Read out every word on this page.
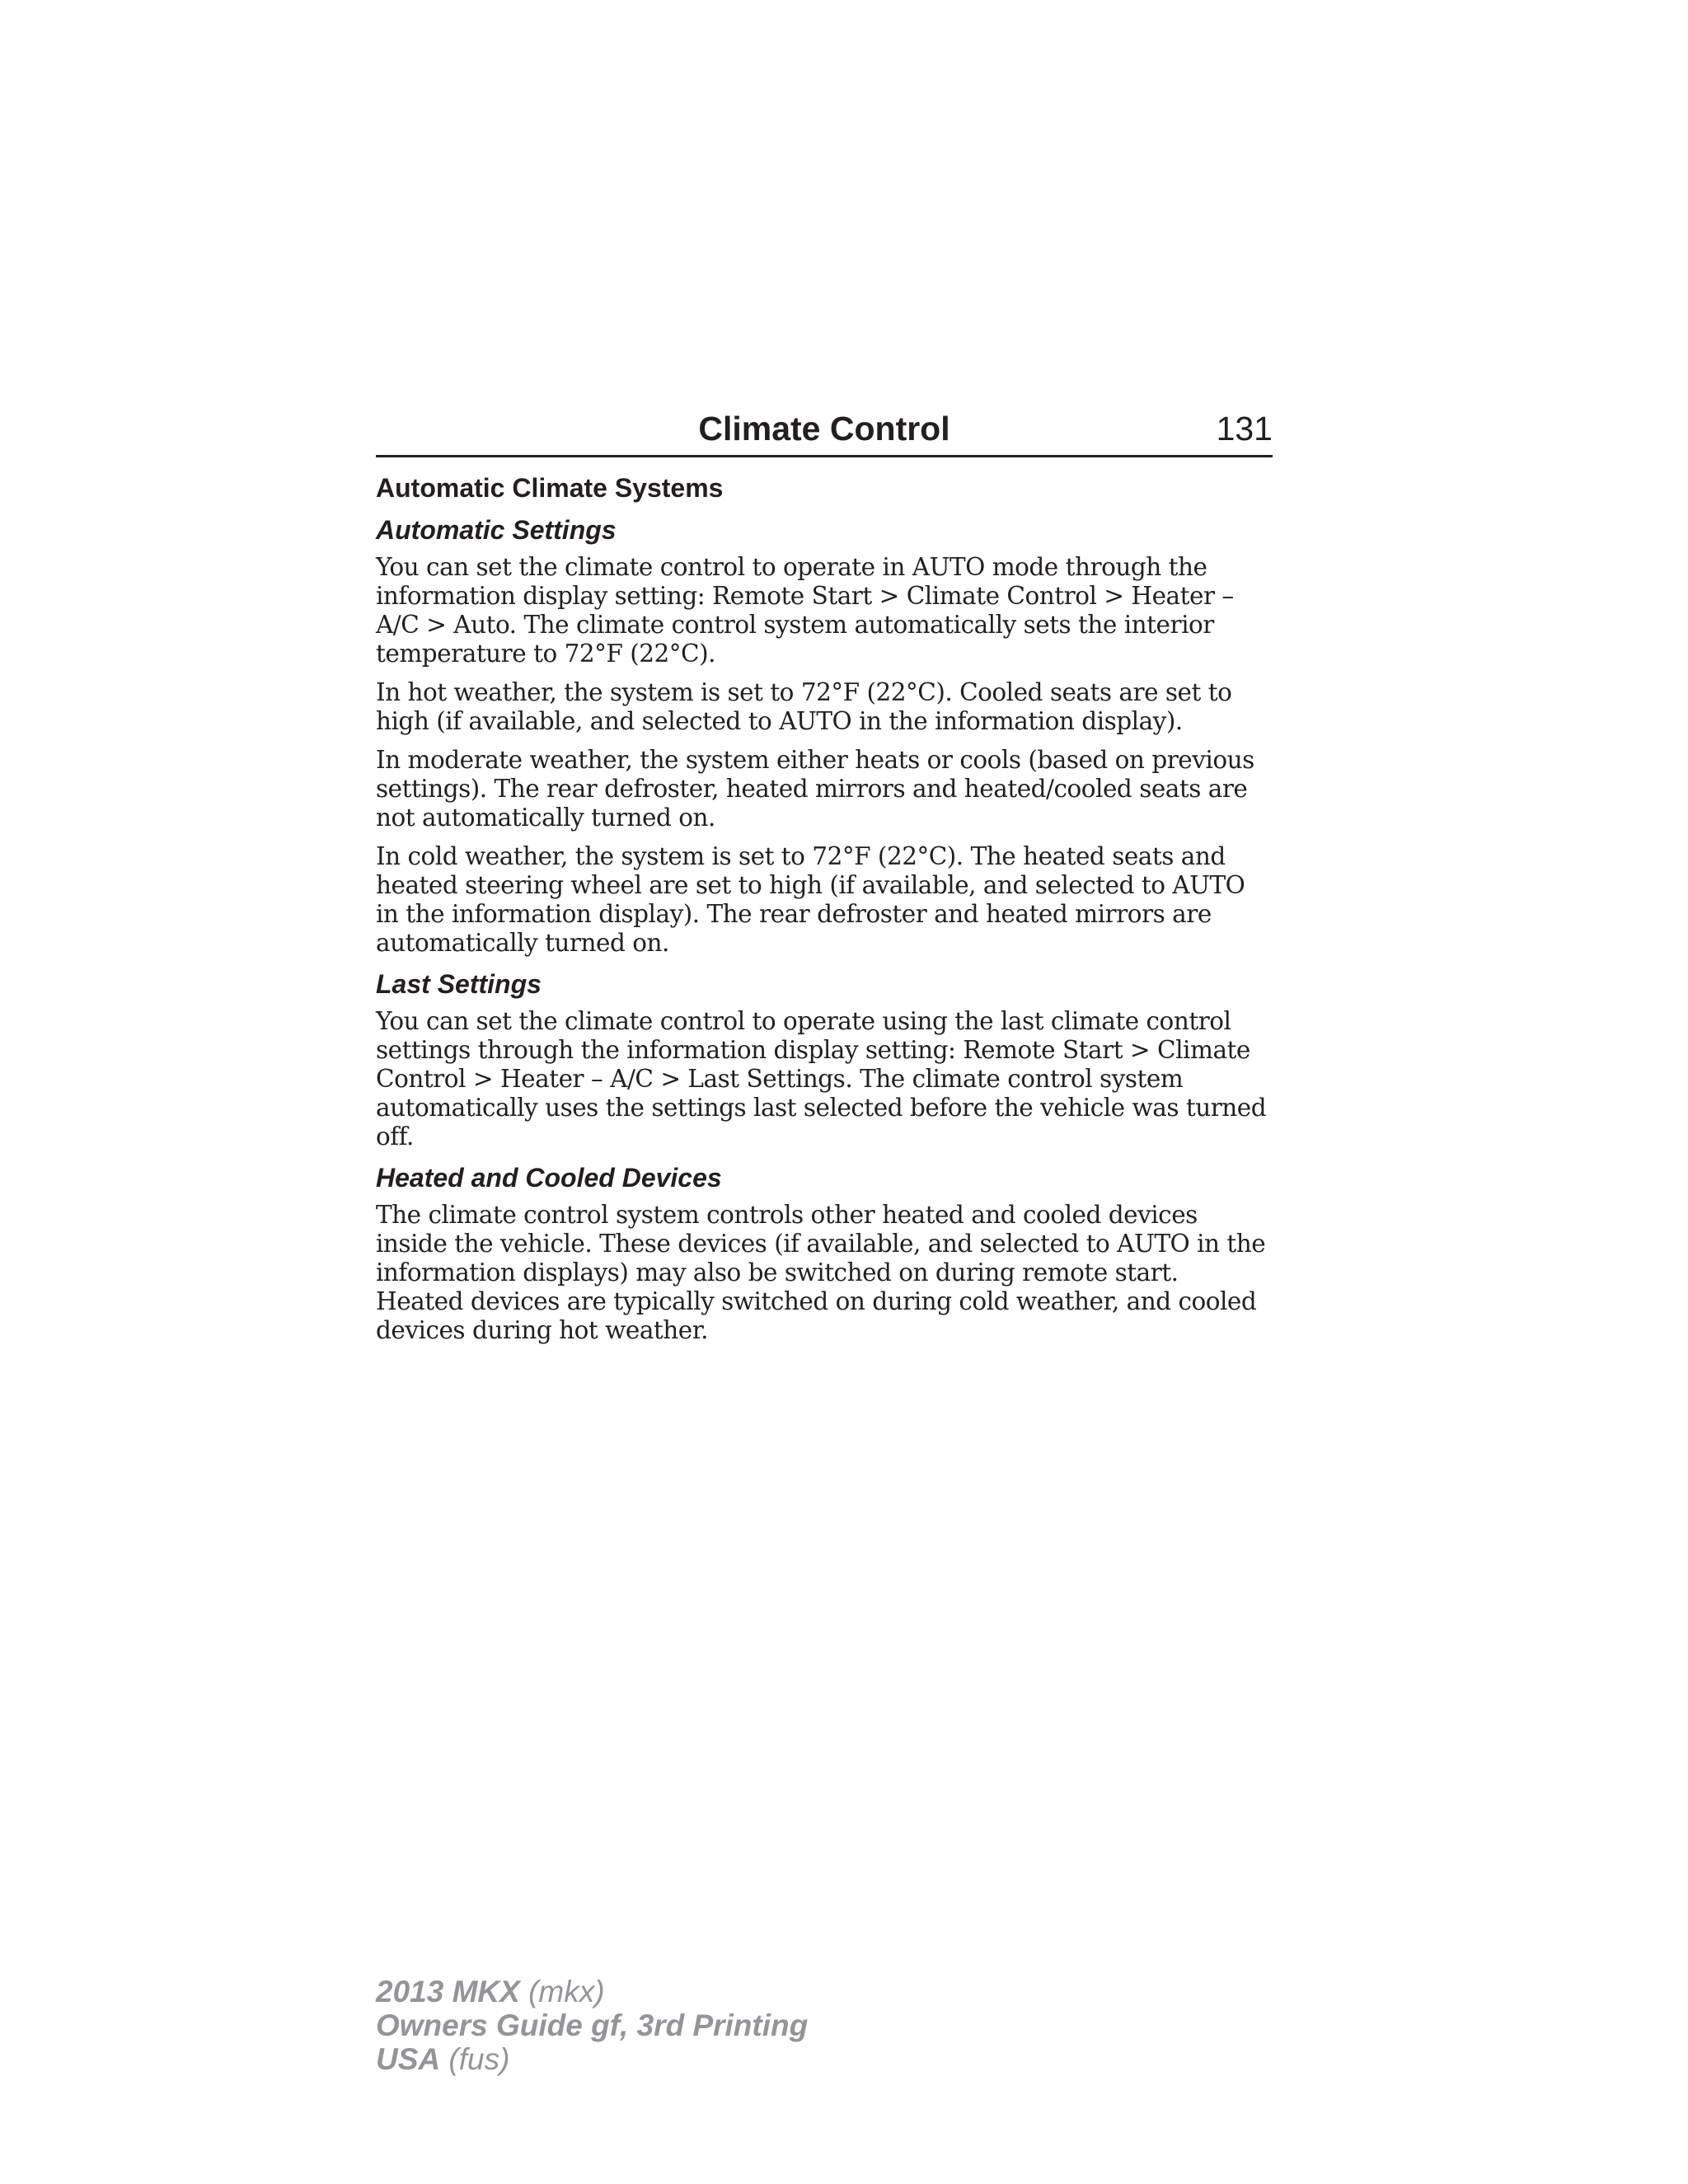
Climate Control	131
Automatic Climate Systems
Automatic Settings

You can set the climate control to operate in AUTO mode through the information display setting: Remote Start > Climate Control > Heater – A/C > Auto. The climate control system automatically sets the interior temperature to 72°F (22°C).

In hot weather, the system is set to 72°F (22°C). Cooled seats are set to high (if available, and selected to AUTO in the information display).

In moderate weather, the system either heats or cools (based on previous settings). The rear defroster, heated mirrors and heated/cooled seats are not automatically turned on.

In cold weather, the system is set to 72°F (22°C). The heated seats and heated steering wheel are set to high (if available, and selected to AUTO in the information display). The rear defroster and heated mirrors are automatically turned on.

Last Settings

You can set the climate control to operate using the last climate control settings through the information display setting: Remote Start > Climate Control > Heater – A/C > Last Settings. The climate control system automatically uses the settings last selected before the vehicle was turned off.

Heated and Cooled Devices

The climate control system controls other heated and cooled devices inside the vehicle. These devices (if available, and selected to AUTO in the information displays) may also be switched on during remote start. Heated devices are typically switched on during cold weather, and cooled devices during hot weather.

2013 MKX (mkx)
Owners Guide gf, 3rd Printing
USA (fus)
